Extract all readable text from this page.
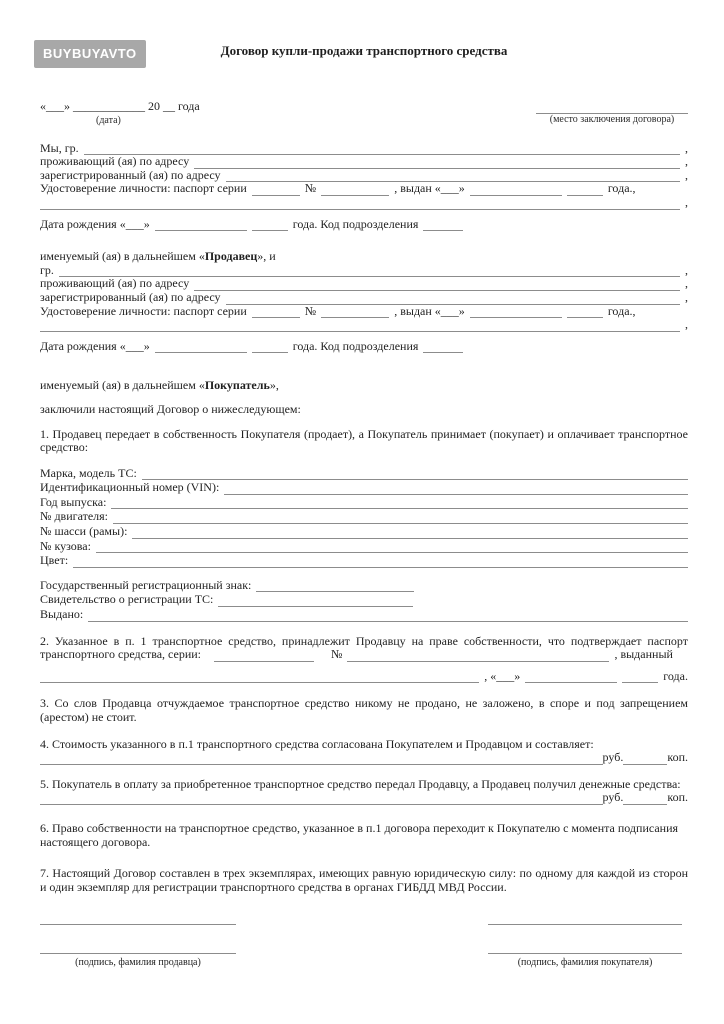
BUYBUYAVTO	Договор купли-продажи транспортного средства
«___» ____________ 20 __ года
(дата)	(место заключения договора)
Мы, гр.	,
проживающий (ая) по адресу	,
зарегистрированный (ая) по адресу	,
Удостоверение личности: паспорт серии	№	, выдан «___»	года.,
,
Дата рождения «___»	года. Код подрозделения

именуемый (ая) в дальнейшем «Продавец», и

гр.	,
проживающий (ая) по адресу	,
зарегистрированный (ая) по адресу	,
Удостоверение личности: паспорт серии	№	, выдан «___»	года.,
,
Дата рождения «___»	года. Код подрозделения

именуемый (ая) в дальнейшем «Покупатель»,

заключили настоящий Договор о нижеследующем:

1. Продавец передает в собственность Покупателя (продает), а Покупатель принимает (покупает) и оплачивает транспортное средство:

Марка, модель ТС:
Идентификационный номер (VIN):
Год выпуска:
№ двигателя:
№ шасси (рамы):
№ кузова:
Цвет:
Государственный регистрационный знак:
Свидетельство о регистрации ТС:
Выдано:

2. Указанное в п. 1 транспортное средство, принадлежит Продавцу на праве собственности, что подтверждает паспорт

транспортного средства, серии:	№	, выданный
, «___»	года.

3. Со слов Продавца отчуждаемое транспортное средство никому не продано, не заложено, в споре и под запрещением (арестом) не стоит.

4. Стоимость указанного в п.1 транспортного средства согласована Покупателем и Продавцом и составляет:

руб.	коп.

5. Покупатель в оплату за приобретенное транспортное средство передал Продавцу, а Продавец получил денежные средства:

руб.	коп.

6. Право собственности на транспортное средство, указанное в п.1 договора переходит к Покупателю с момента подписания настоящего договора.

7. Настоящий Договор составлен в трех экземплярах, имеющих равную юридическую силу: по одному для каждой из сторон и один экземпляр для регистрации транспортного средства в органах ГИБДД МВД России.

(подпись, фамилия продавца)	(подпись, фамилия покупателя)
